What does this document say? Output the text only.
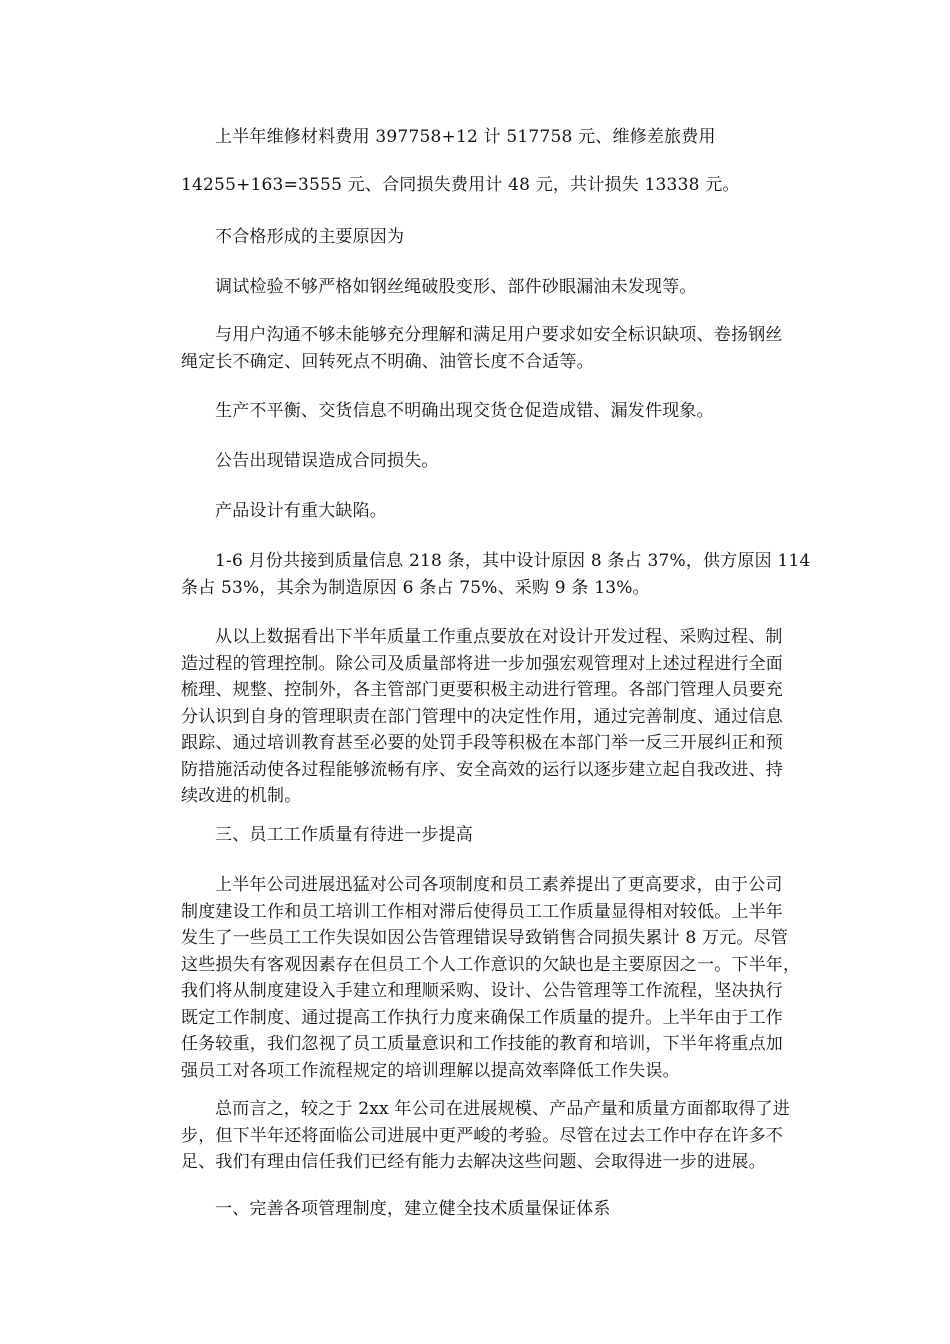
上半年维修材料费用 397758+12 计 517758 元、维修差旅费用

14255+163=3555 元、合同损失费用计 48 元，共计损失 13338 元。

不合格形成的主要原因为

调试检验不够严格如钢丝绳破股变形、部件砂眼漏油未发现等。

与用户沟通不够未能够充分理解和满足用户要求如安全标识缺项、卷扬钢丝
绳定长不确定、回转死点不明确、油管长度不合适等。

生产不平衡、交货信息不明确出现交货仓促造成错、漏发件现象。

公告出现错误造成合同损失。

产品设计有重大缺陷。

1-6 月份共接到质量信息 218 条，其中设计原因 8 条占 37%，供方原因 114
条占 53%，其余为制造原因 6 条占 75%、采购 9 条 13%。

从以上数据看出下半年质量工作重点要放在对设计开发过程、采购过程、制
造过程的管理控制。除公司及质量部将进一步加强宏观管理对上述过程进行全面
梳理、规整、控制外，各主管部门更要积极主动进行管理。各部门管理人员要充
分认识到自身的管理职责在部门管理中的决定性作用，通过完善制度、通过信息
跟踪、通过培训教育甚至必要的处罚手段等积极在本部门举一反三开展纠正和预
防措施活动使各过程能够流畅有序、安全高效的运行以逐步建立起自我改进、持
续改进的机制。

三、员工工作质量有待进一步提高

上半年公司进展迅猛对公司各项制度和员工素养提出了更高要求，由于公司
制度建设工作和员工培训工作相对滞后使得员工工作质量显得相对较低。上半年
发生了一些员工工作失误如因公告管理错误导致销售合同损失累计 8 万元。尽管
这些损失有客观因素存在但员工个人工作意识的欠缺也是主要原因之一。下半年，
我们将从制度建设入手建立和理顺采购、设计、公告管理等工作流程，坚决执行
既定工作制度、通过提高工作执行力度来确保工作质量的提升。上半年由于工作
任务较重，我们忽视了员工质量意识和工作技能的教育和培训，下半年将重点加
强员工对各项工作流程规定的培训理解以提高效率降低工作失误。

总而言之，较之于 2xx 年公司在进展规模、产品产量和质量方面都取得了进
步，但下半年还将面临公司进展中更严峻的考验。尽管在过去工作中存在许多不
足、我们有理由信任我们已经有能力去解决这些问题、会取得进一步的进展。

一、完善各项管理制度，建立健全技术质量保证体系
